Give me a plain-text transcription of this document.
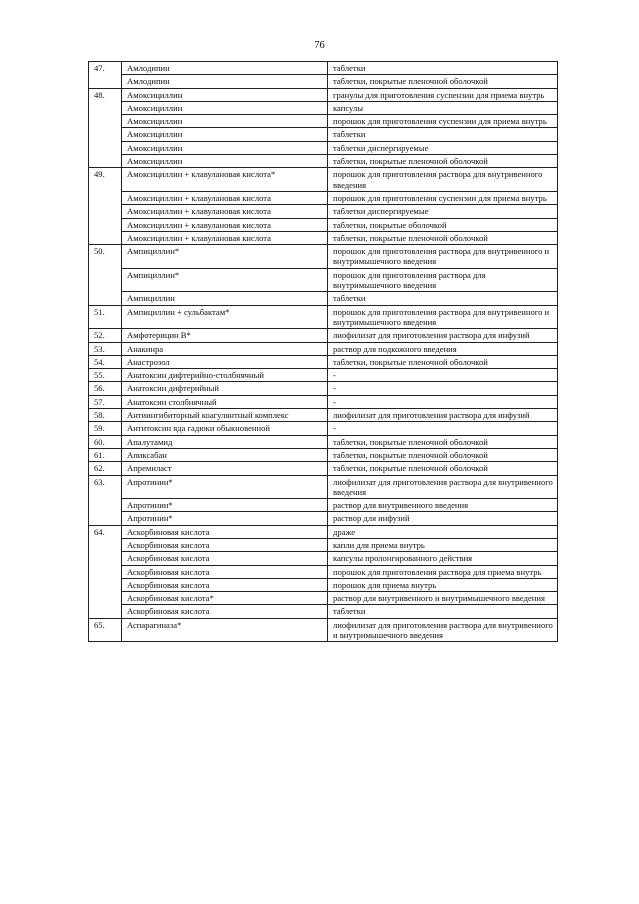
76
47.	Амлодипин	таблетки
	Амлодипин	таблетки, покрытые пленочной оболочкой
48.	Амоксициллин	гранулы для приготовления суспензии для приема внутрь
	Амоксициллин	капсулы
	Амоксициллин	порошок для приготовления суспензии для приема внутрь
	Амоксициллин	таблетки
	Амоксициллин	таблетки диспергируемые
	Амоксициллин	таблетки, покрытые пленочной оболочкой
49.	Амоксициллин + клавулановая кислота*	порошок для приготовления раствора для внутривенного введения
	Амоксициллин + клавулановая кислота	порошок для приготовления суспензии для приема внутрь
	Амоксициллин + клавулановая кислота	таблетки диспергируемые
	Амоксициллин + клавулановая кислота	таблетки, покрытые оболочкой
	Амоксициллин + клавулановая кислота	таблетки, покрытые пленочной оболочкой
50.	Ампициллин*	порошок для приготовления раствора для внутривенного и внутримышечного введения
	Ампициллин*	порошок для приготовления раствора для внутримышечного введения
	Ампициллин	таблетки
51.	Ампициллин + сульбактам*	порошок для приготовления раствора для внутривенного и внутримышечного введения
52.	Амфотерицин В*	лиофилизат для приготовления раствора для инфузий
53.	Анакинра	раствор для подкожного введения
54.	Анастрозол	таблетки, покрытые пленочной оболочкой
55.	Анатоксин дифтерийно-столбнячный	-
56.	Анатоксин дифтерийный	-
57.	Анатоксин столбнячный	-
58.	Антиингибиторный коагулянтный комплекс	лиофилизат для приготовления раствора для инфузий
59.	Антитоксин яда гадюки обыкновенной	-
60.	Апалутамид	таблетки, покрытые пленочной оболочкой
61.	Апиксабан	таблетки, покрытые пленочной оболочкой
62.	Апремиласт	таблетки, покрытые пленочной оболочкой
63.	Апротинин*	лиофилизат для приготовления раствора для внутривенного введения
	Апротинин*	раствор для внутривенного введения
	Апротинин*	раствор для инфузий
64.	Аскорбиновая кислота	драже
	Аскорбиновая кислота	капли для приема внутрь
	Аскорбиновая кислота	капсулы пролонгированного действия
	Аскорбиновая кислота	порошок для приготовления раствора для приема внутрь
	Аскорбиновая кислота	порошок для приема внутрь
	Аскорбиновая кислота*	раствор для внутривенного и внутримышечного введения
	Аскорбиновая кислота	таблетки
65.	Аспарагиназа*	лиофилизат для приготовления раствора для внутривенного и внутримышечного введения
